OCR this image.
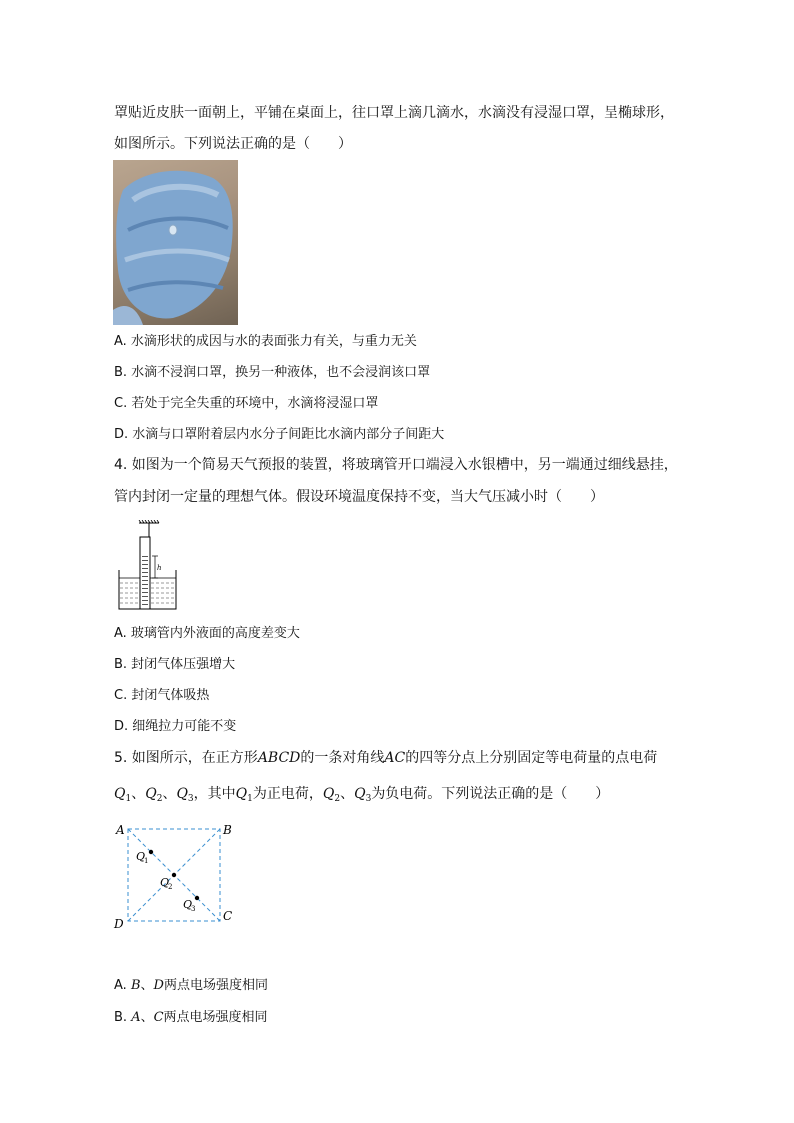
罩贴近皮肤一面朝上，平铺在桌面上，往口罩上滴几滴水，水滴没有浸湿口罩，呈椭球形，
如图所示。下列说法正确的是（　　）
A. 水滴形状的成因与水的表面张力有关，与重力无关
B. 水滴不浸润口罩，换另一种液体，也不会浸润该口罩
C. 若处于完全失重的环境中，水滴将浸湿口罩
D. 水滴与口罩附着层内水分子间距比水滴内部分子间距大
4. 如图为一个简易天气预报的装置，将玻璃管开口端浸入水银槽中，另一端通过细线悬挂，
管内封闭一定量的理想气体。假设环境温度保持不变，当大气压减小时（　　）
h
A. 玻璃管内外液面的高度差变大
B. 封闭气体压强增大
C. 封闭气体吸热
D. 细绳拉力可能不变
5. 如图所示，在正方形ABCD的一条对角线AC的四等分点上分别固定等电荷量的点电荷
$Q_1$、$Q_2$、$Q_3$，其中$Q_1$为正电荷，$Q_2$、$Q_3$为负电荷。下列说法正确的是（　　）
A	B
C
D
Q
Q
Q
1
2
3
A. B、D两点电场强度相同
B. A、C两点电场强度相同
